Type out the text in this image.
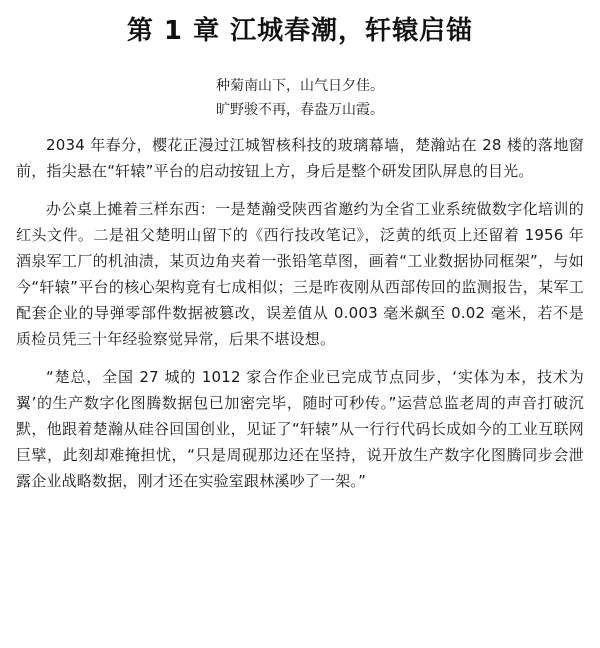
第 1 章 江城春潮，轩辕启锚
种菊南山下，山气日夕佳。
旷野骏不再，春盎万山霞。

2034 年春分，樱花正漫过江城智核科技的玻璃幕墙，楚瀚站在 28 楼的落地窗前，指尖悬在“轩辕”平台的启动按钮上方，身后是整个研发团队屏息的目光。

办公桌上摊着三样东西：一是楚瀚受陕西省邀约为全省工业系统做数字化培训的红头文件。二是祖父楚明山留下的《西行技改笔记》，泛黄的纸页上还留着 1956 年酒泉军工厂的机油渍，某页边角夹着一张铅笔草图，画着“工业数据协同框架”，与如今“轩辕”平台的核心架构竟有七成相似；三是昨夜刚从西部传回的监测报告，某军工配套企业的导弹零部件数据被篡改，误差值从 0.003 毫米飙至 0.02 毫米，若不是质检员凭三十年经验察觉异常，后果不堪设想。

“楚总，全国 27 城的 1012 家合作企业已完成节点同步，‘实体为本，技术为翼’的生产数字化图腾数据包已加密完毕，随时可秒传。”运营总监老周的声音打破沉默，他跟着楚瀚从硅谷回国创业，见证了“轩辕”从一行行代码长成如今的工业互联网巨擘，此刻却难掩担忧，“只是周砚那边还在坚持，说开放生产数字化图腾同步会泄露企业战略数据，刚才还在实验室跟林溪吵了一架。”
